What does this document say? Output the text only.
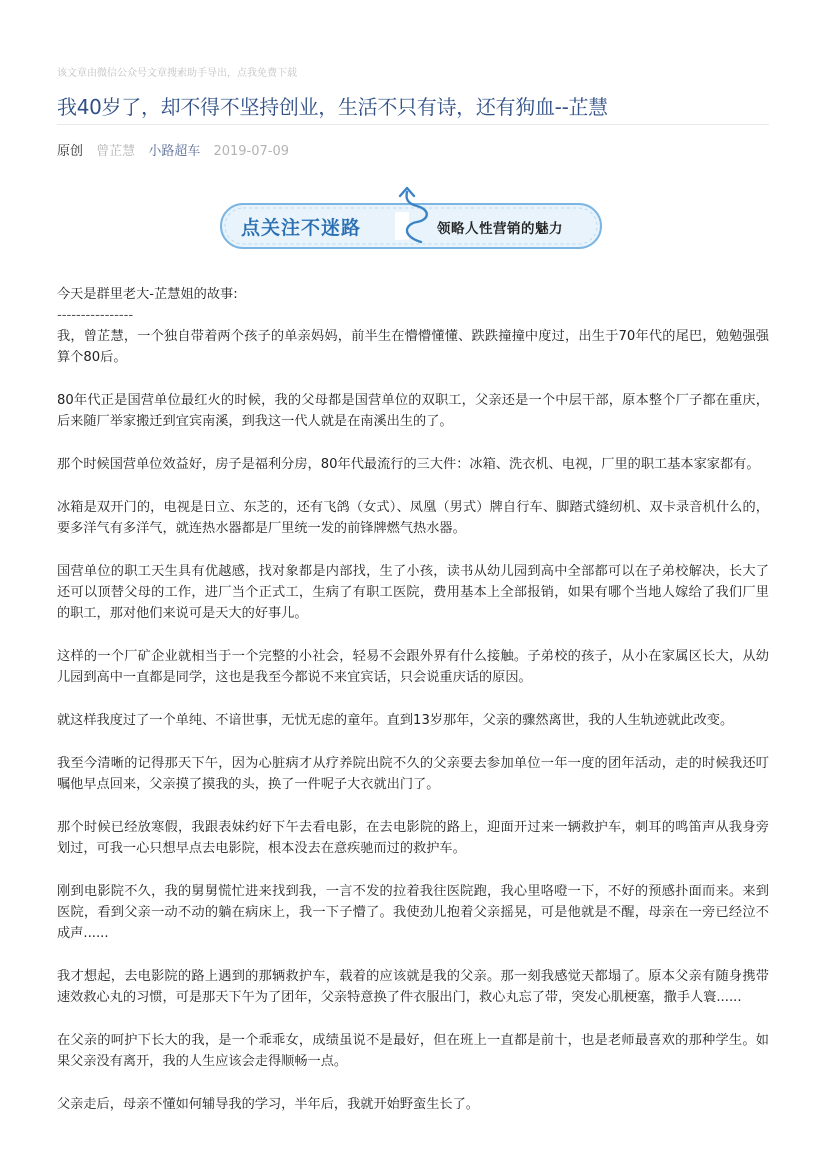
该文章由微信公众号文章搜索助手导出，点我免费下载
我40岁了，却不得不坚持创业，生活不只有诗，还有狗血--芷慧
原创 曾芷慧 小路超车 2019-07-09
点关注不迷路	领略人性营销的魅力

今天是群里老大-芷慧姐的故事:

----------------

我，曾芷慧，一个独自带着两个孩子的单亲妈妈，前半生在懵懵懂懂、跌跌撞撞中度过，出生于70年代的尾巴，勉勉强强算个80后。

80年代正是国营单位最红火的时候，我的父母都是国营单位的双职工，父亲还是一个中层干部，原本整个厂子都在重庆，后来随厂举家搬迁到宜宾南溪，到我这一代人就是在南溪出生的了。

那个时候国营单位效益好，房子是福利分房，80年代最流行的三大件：冰箱、洗衣机、电视，厂里的职工基本家家都有。

冰箱是双开门的，电视是日立、东芝的，还有飞鸽（女式）、凤凰（男式）牌自行车、脚踏式缝纫机、双卡录音机什么的，要多洋气有多洋气，就连热水器都是厂里统一发的前锋牌燃气热水器。

国营单位的职工天生具有优越感，找对象都是内部找，生了小孩，读书从幼儿园到高中全部都可以在子弟校解决，长大了还可以顶替父母的工作，进厂当个正式工，生病了有职工医院，费用基本上全部报销，如果有哪个当地人嫁给了我们厂里的职工，那对他们来说可是天大的好事儿。

这样的一个厂矿企业就相当于一个完整的小社会，轻易不会跟外界有什么接触。子弟校的孩子，从小在家属区长大，从幼儿园到高中一直都是同学，这也是我至今都说不来宜宾话，只会说重庆话的原因。

就这样我度过了一个单纯、不谙世事，无忧无虑的童年。直到13岁那年，父亲的骤然离世，我的人生轨迹就此改变。

我至今清晰的记得那天下午，因为心脏病才从疗养院出院不久的父亲要去参加单位一年一度的团年活动，走的时候我还叮嘱他早点回来，父亲摸了摸我的头，换了一件呢子大衣就出门了。

那个时候已经放寒假，我跟表妹约好下午去看电影，在去电影院的路上，迎面开过来一辆救护车，刺耳的鸣笛声从我身旁划过，可我一心只想早点去电影院，根本没去在意疾驰而过的救护车。

刚到电影院不久，我的舅舅慌忙进来找到我，一言不发的拉着我往医院跑，我心里咯噔一下，不好的预感扑面而来。来到医院，看到父亲一动不动的躺在病床上，我一下子懵了。我使劲儿抱着父亲摇晃，可是他就是不醒，母亲在一旁已经泣不成声......

我才想起，去电影院的路上遇到的那辆救护车，载着的应该就是我的父亲。那一刻我感觉天都塌了。原本父亲有随身携带速效救心丸的习惯，可是那天下午为了团年，父亲特意换了件衣服出门，救心丸忘了带，突发心肌梗塞，撒手人寰......

在父亲的呵护下长大的我，是一个乖乖女，成绩虽说不是最好，但在班上一直都是前十，也是老师最喜欢的那种学生。如果父亲没有离开，我的人生应该会走得顺畅一点。

父亲走后，母亲不懂如何辅导我的学习，半年后，我就开始野蛮生长了。
